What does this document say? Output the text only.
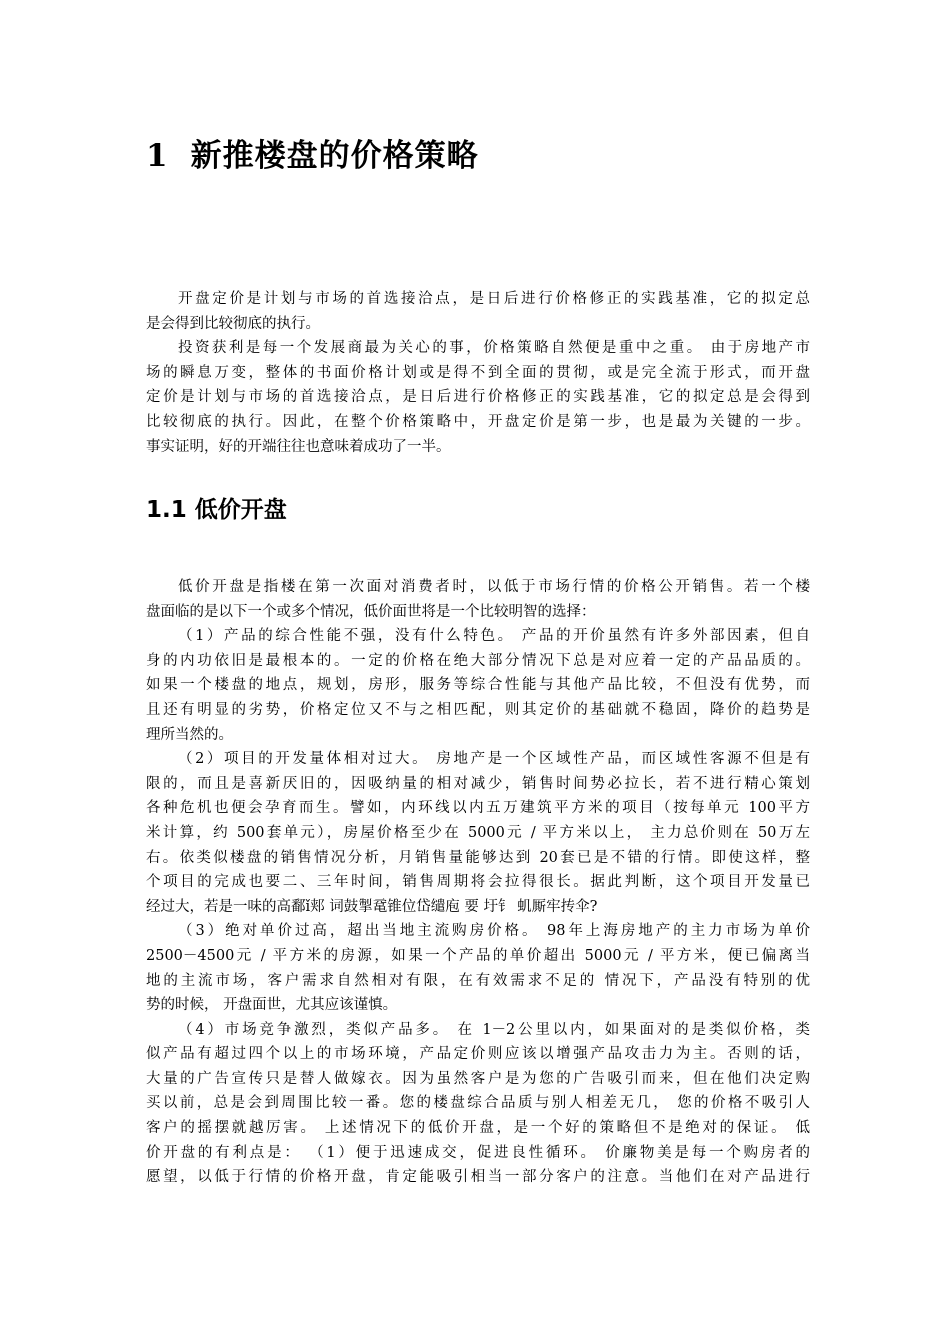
1 新推楼盘的价格策略
开盘定价是计划与市场的首选接洽点，是日后进行价格修正的实践基准，它的拟定总
是会得到比较彻底的执行。
投资获利是每一个发展商最为关心的事，价格策略自然便是重中之重。 由于房地产市
场的瞬息万变，整体的书面价格计划或是得不到全面的贯彻，或是完全流于形式，而开盘
定价是计划与市场的首选接洽点，是日后进行价格修正的实践基准，它的拟定总是会得到
比较彻底的执行。因此，在整个价格策略中，开盘定价是第一步，也是最为关键的一步。
事实证明，好的开端往往也意味着成功了一半。
1.1 低价开盘
低价开盘是指楼在第一次面对消费者时，以低于市场行情的价格公开销售。若一个楼
盘面临的是以下一个或多个情况，低价面世将是一个比较明智的选择：
（1）产品的综合性能不强，没有什么特色。 产品的开价虽然有许多外部因素，但自
身的内功依旧是最根本的。一定的价格在绝大部分情况下总是对应着一定的产品品质的。
如果一个楼盘的地点，规划，房形，服务等综合性能与其他产品比较，不但没有优势，而
且还有明显的劣势，价格定位又不与之相匹配，则其定价的基础就不稳固，降价的趋势是
理所当然的。
（2）项目的开发量体相对过大。 房地产是一个区域性产品，而区域性客源不但是有
限的，而且是喜新厌旧的，因吸纳量的相对减少，销售时间势必拉长，若不进行精心策划
各种危机也便会孕育而生。譬如，内环线以内五万建筑平方米的项目（按每单元 100平方
米计算，约 500套单元），房屋价格至少在 5000元 / 平方米以上， 主力总价则在 50万左
右。依类似楼盘的销售情况分析，月销售量能够达到 20套已是不错的行情。即使这样，整
个项目的完成也要二、三年时间，销售周期将会拉得很长。据此判断，这个项目开发量已
经过大，若是一味的高鄱ǐ郏 词鼓掣鼋锥位岱缱庖 要 圩钅 虮厮牢抟伞?
（3）绝对单价过高，超出当地主流购房价格。 98年上海房地产的主力市场为单价
2500－4500元 / 平方米的房源，如果一个产品的单价超出 5000元 / 平方米，便已偏离当
地的主流市场，客户需求自然相对有限，在有效需求不足的 情况下，产品没有特别的优
势的时候， 开盘面世，尤其应该谨慎。
（4）市场竞争激烈，类似产品多。 在 1－2公里以内，如果面对的是类似价格，类
似产品有超过四个以上的市场环境，产品定价则应该以增强产品攻击力为主。否则的话，
大量的广告宣传只是替人做嫁衣。因为虽然客户是为您的广告吸引而来，但在他们决定购
买以前，总是会到周围比较一番。您的楼盘综合品质与别人相差无几， 您的价格不吸引人
客户的摇摆就越厉害。 上述情况下的低价开盘，是一个好的策略但不是绝对的保证。 低
价开盘的有利点是： （1）便于迅速成交，促进良性循环。 价廉物美是每一个购房者的
愿望，以低于行情的价格开盘，肯定能吸引相当一部分客户的注意。当他们在对产品进行
